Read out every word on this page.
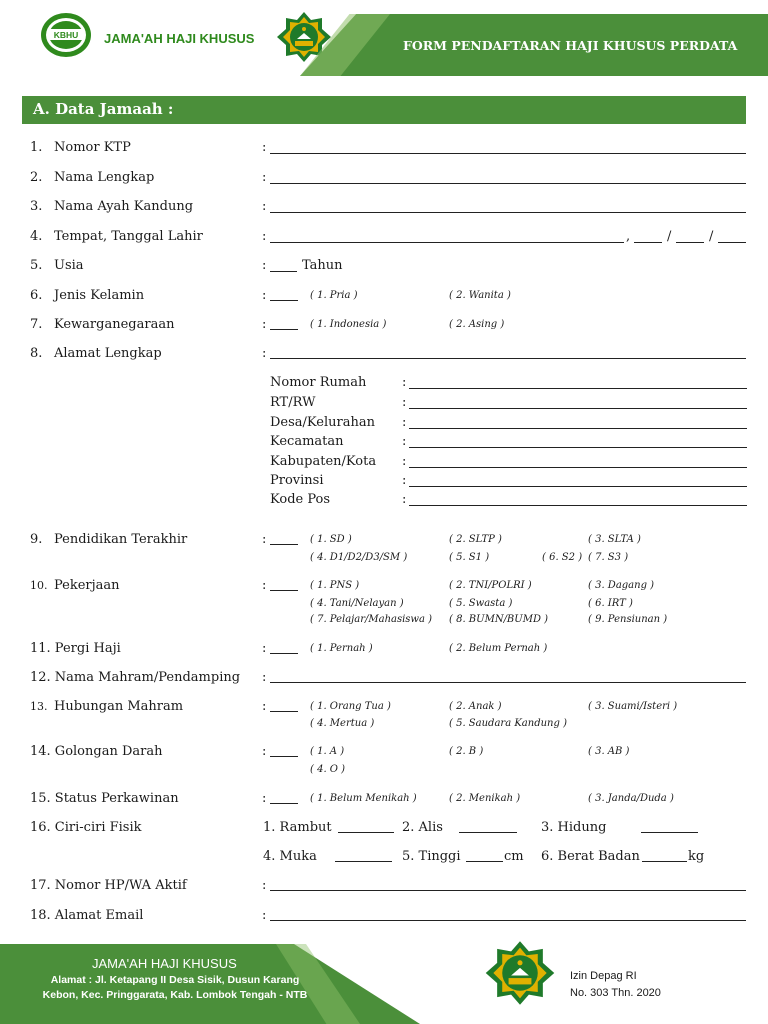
KBHU JAMA'AH HAJI KHUSUS	FORM PENDAFTARAN HAJI KHUSUS PERDATA
A. Data Jamaah :
1. Nomor KTP	:
2. Nama Lengkap	:
3. Nama Ayah Kandung	:
4. Tempat, Tanggal Lahir	:	,	/	/
5. Usia	:	Tahun
6. Jenis Kelamin	:	( 1. Pria )	( 2. Wanita )
7. Kewarganegaraan	:	( 1. Indonesia )	( 2. Asing )
8. Alamat Lengkap	:
Nomor Rumah	:
RT/RW	:
Desa/Kelurahan :
Kecamatan	:
Kabupaten/Kota :
Provinsi	:
Kode Pos	:
9. Pendidikan Terakhir	:	( 1. SD )	( 2. SLTP )	( 3. SLTA )
( 4. D1/D2/D3/SM )	( 5. S1 )	( 6. S2 ) ( 7. S3 )
10. Pekerjaan	:	( 1. PNS )	( 2. TNI/POLRI )	( 3. Dagang )
( 4. Tani/Nelayan )	( 5. Swasta )	( 6. IRT )
( 7. Pelajar/Mahasiswa ) ( 8. BUMN/BUMD )	( 9. Pensiunan )
11. Pergi Haji	:	( 1. Pernah )	( 2. Belum Pernah )
12. Nama Mahram/Pendamping :
13. Hubungan Mahram	:	( 1. Orang Tua )	( 2. Anak )	( 3. Suami/Isteri )
( 4. Mertua )	( 5. Saudara Kandung )
14. Golongan Darah	:	( 1. A )	( 2. B )	( 3. AB )
( 4. O )
15. Status Perkawinan	:	( 1. Belum Menikah )	( 2. Menikah )	( 3. Janda/Duda )
16. Ciri-ciri Fisik	1. Rambut	2. Alis	3. Hidung
4. Muka	5. Tinggi	cm 6. Berat Badan	kg
17. Nomor HP/WA Aktif	:
18. Alamat Email	:
JAMA'AH HAJI KHUSUS
Alamat : Jl. Ketapang II Desa Sisik, Dusun Karang
Kebon, Kec. Pringgarata, Kab. Lombok Tengah - NTB
Izin Depag RI
No. 303 Thn. 2020
